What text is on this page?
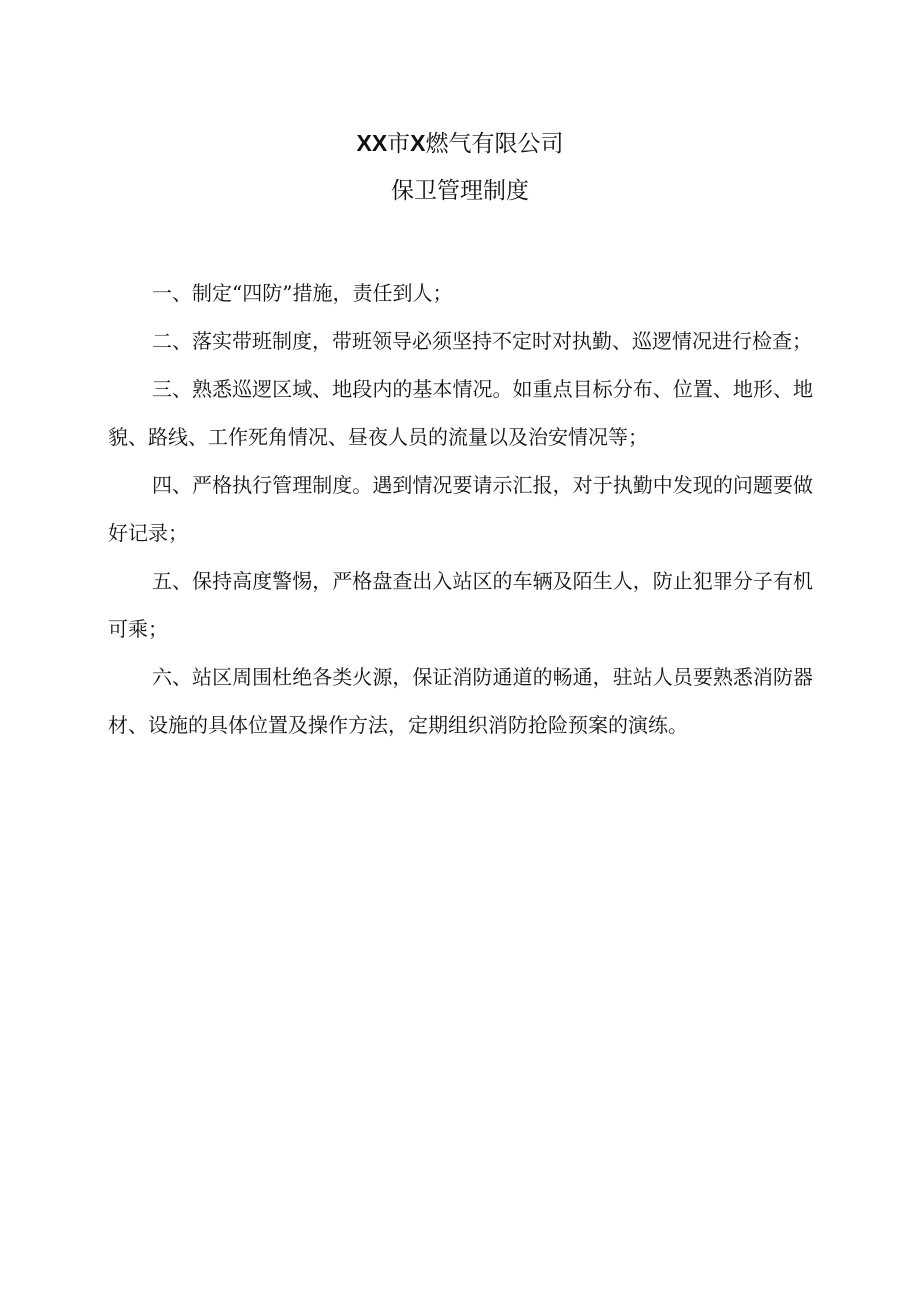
XX市X燃气有限公司
保卫管理制度

一、制定“四防”措施，责任到人；

二、落实带班制度，带班领导必须坚持不定时对执勤、巡逻情况进行检查；

三、熟悉巡逻区域、地段内的基本情况。如重点目标分布、位置、地形、地貌、路线、工作死角情况、昼夜人员的流量以及治安情况等；

四、严格执行管理制度。遇到情况要请示汇报，对于执勤中发现的问题要做好记录；

五、保持高度警惕，严格盘查出入站区的车辆及陌生人，防止犯罪分子有机可乘；

六、站区周围杜绝各类火源，保证消防通道的畅通，驻站人员要熟悉消防器材、设施的具体位置及操作方法，定期组织消防抢险预案的演练。
